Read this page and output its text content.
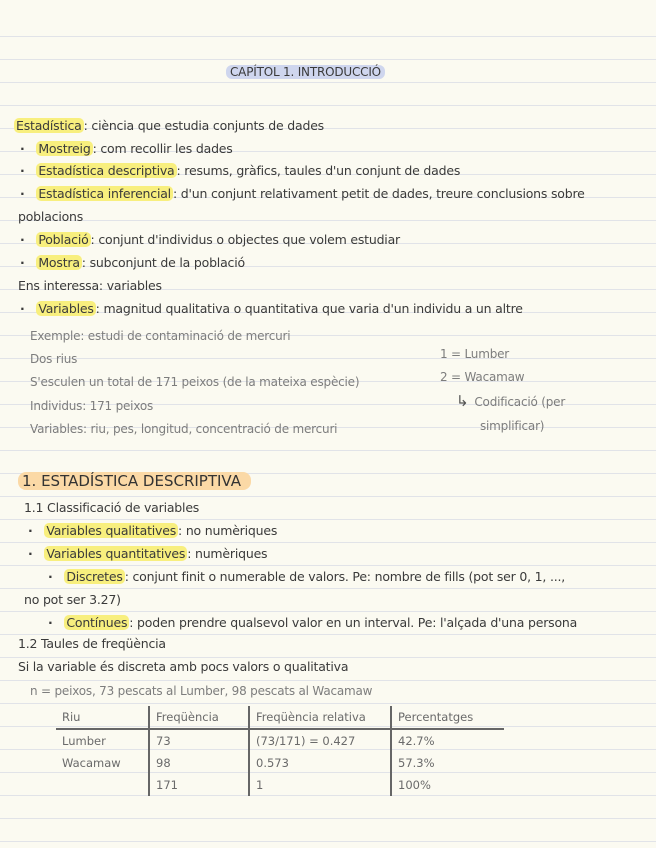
CAPÍTOL 1. INTRODUCCIÓ
Estadística : ciència que estudia conjunts de dades
· Mostreig : com recollir les dades
· Estadística descriptiva : resums, gràfics, taules d'un conjunt de dades
· Estadística inferencial : d'un conjunt relativament petit de dades, treure conclusions sobre
poblacions
· Població : conjunt d'individus o objectes que volem estudiar
· Mostra : subconjunt de la població
Ens interessa: variables
· Variables : magnitud qualitativa o quantitativa que varia d'un individu a un altre
Exemple: estudi de contaminació de mercuri
Dos rius
S'esculen un total de 171 peixos (de la mateixa espècie)
Individus: 171 peixos
Variables: riu, pes, longitud, concentració de mercuri
1 = Lumber
2 = Wacamaw
↳ Codificació (per
simplificar)
1. ESTADÍSTICA DESCRIPTIVA
1.1 Classificació de variables
· Variables qualitatives : no numèriques
· Variables quantitatives : numèriques
· Discretes : conjunt finit o numerable de valors. Pe: nombre de fills (pot ser 0, 1, ...,
no pot ser 3.27)
· Contínues : poden prendre qualsevol valor en un interval. Pe: l'alçada d'una persona
1.2 Taules de freqüència
Si la variable és discreta amb pocs valors o qualitativa
n = peixos, 73 pescats al Lumber, 98 pescats al Wacamaw
Riu	Freqüència	Freqüència relativa	Percentatges
Lumber	73	(73/171) = 0.427	42.7%
Wacamaw	98	0.573	57.3%
	171	1	100%
